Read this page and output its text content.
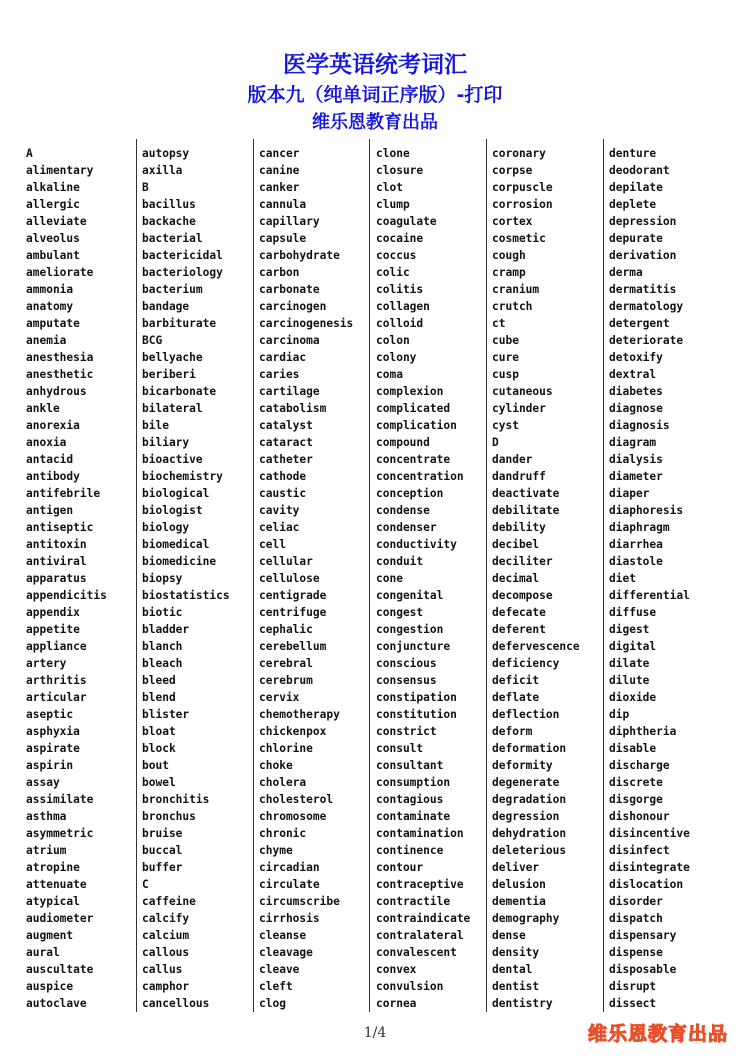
医学英语统考词汇
版本九（纯单词正序版）-打印
维乐恩教育出品
A
alimentary
alkaline
allergic
alleviate
alveolus
ambulant
ameliorate
ammonia
anatomy
amputate
anemia
anesthesia
anesthetic
anhydrous
ankle
anorexia
anoxia
antacid
antibody
antifebrile
antigen
antiseptic
antitoxin
antiviral
apparatus
appendicitis
appendix
appetite
appliance
artery
arthritis
articular
aseptic
asphyxia
aspirate
aspirin
assay
assimilate
asthma
asymmetric
atrium
atropine
attenuate
atypical
audiometer
augment
aural
auscultate
auspice
autoclave
autopsy
axilla
B
bacillus
backache
bacterial
bactericidal
bacteriology
bacterium
bandage
barbiturate
BCG
bellyache
beriberi
bicarbonate
bilateral
bile
biliary
bioactive
biochemistry
biological
biologist
biology
biomedical
biomedicine
biopsy
biostatistics
biotic
bladder
blanch
bleach
bleed
blend
blister
bloat
block
bout
bowel
bronchitis
bronchus
bruise
buccal
buffer
C
caffeine
calcify
calcium
callous
callus
camphor
cancellous
cancer
canine
canker
cannula
capillary
capsule
carbohydrate
carbon
carbonate
carcinogen
carcinogenesis
carcinoma
cardiac
caries
cartilage
catabolism
catalyst
cataract
catheter
cathode
caustic
cavity
celiac
cell
cellular
cellulose
centigrade
centrifuge
cephalic
cerebellum
cerebral
cerebrum
cervix
chemotherapy
chickenpox
chlorine
choke
cholera
cholesterol
chromosome
chronic
chyme
circadian
circulate
circumscribe
cirrhosis
cleanse
cleavage
cleave
cleft
clog
clone
closure
clot
clump
coagulate
cocaine
coccus
colic
colitis
collagen
colloid
colon
colony
coma
complexion
complicated
complication
compound
concentrate
concentration
conception
condense
condenser
conductivity
conduit
cone
congenital
congest
congestion
conjuncture
conscious
consensus
constipation
constitution
constrict
consult
consultant
consumption
contagious
contaminate
contamination
continence
contour
contraceptive
contractile
contraindicate
contralateral
convalescent
convex
convulsion
cornea
coronary
corpse
corpuscle
corrosion
cortex
cosmetic
cough
cramp
cranium
crutch
ct
cube
cure
cusp
cutaneous
cylinder
cyst
D
dander
dandruff
deactivate
debilitate
debility
decibel
deciliter
decimal
decompose
defecate
deferent
defervescence
deficiency
deficit
deflate
deflection
deform
deformation
deformity
degenerate
degradation
degression
dehydration
deleterious
deliver
delusion
dementia
demography
dense
density
dental
dentist
dentistry
denture
deodorant
depilate
deplete
depression
depurate
derivation
derma
dermatitis
dermatology
detergent
deteriorate
detoxify
dextral
diabetes
diagnose
diagnosis
diagram
dialysis
diameter
diaper
diaphoresis
diaphragm
diarrhea
diastole
diet
differential
diffuse
digest
digital
dilate
dilute
dioxide
dip
diphtheria
disable
discharge
discrete
disgorge
dishonour
disincentive
disinfect
disintegrate
dislocation
disorder
dispatch
dispensary
dispense
disposable
disrupt
dissect
1/4	维乐恩教育出品
